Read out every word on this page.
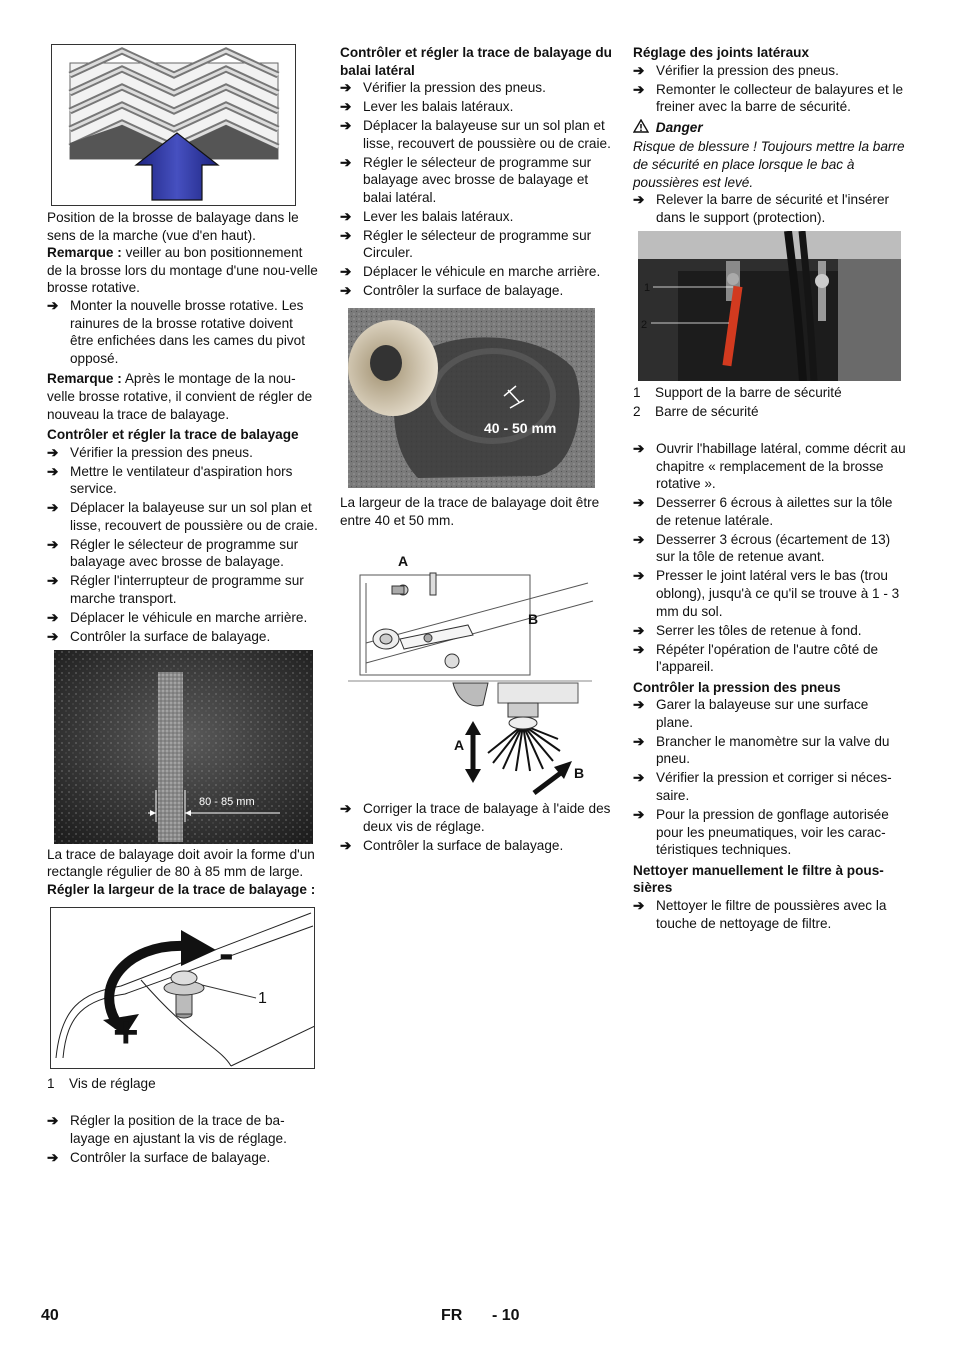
Position de la brosse de balayage dans le sens de la marche (vue d'en haut).

Remarque : veiller au bon positionnement de la brosse lors du montage d'une nou-velle brosse rotative.

➔ Monter la nouvelle brosse rotative. Les rainures de la brosse rotative doivent être enfichées dans les cames du pivot opposé.

Remarque : Après le montage de la nou-velle brosse rotative, il convient de régler de nouveau la trace de balayage.

Contrôler et régler la trace de balayage

➔ Vérifier la pression des pneus.
➔ Mettre le ventilateur d'aspiration hors service.
➔ Déplacer la balayeuse sur un sol plan et lisse, recouvert de poussière ou de craie.
➔ Régler le sélecteur de programme sur balayage avec brosse de balayage.
➔ Régler l'interrupteur de programme sur marche transport.
➔ Déplacer le véhicule en marche arrière.
➔ Contrôler la surface de balayage.
80 - 85 mm

La trace de balayage doit avoir la forme d'un rectangle régulier de 80 à 85 mm de large.

Régler la largeur de la trace de balayage :

-
+
1
1 Vis de réglage
➔ Régler la position de la trace de ba-layage en ajustant la vis de réglage.
➔ Contrôler la surface de balayage.

Contrôler et régler la trace de balayage du balai latéral

➔ Vérifier la pression des pneus.
➔ Lever les balais latéraux.
➔ Déplacer la balayeuse sur un sol plan et lisse, recouvert de poussière ou de craie.
➔ Régler le sélecteur de programme sur balayage avec brosse de balayage et balai latéral.
➔ Lever les balais latéraux.
➔ Régler le sélecteur de programme sur Circuler.
➔ Déplacer le véhicule en marche arrière.
➔ Contrôler la surface de balayage.
40 - 50 mm

La largeur de la trace de balayage doit être entre 40 et 50 mm.

A
B
A
B
➔ Corriger la trace de balayage à l'aide des deux vis de réglage.
➔ Contrôler la surface de balayage.

Réglage des joints latéraux

➔ Vérifier la pression des pneus.
➔ Remonter le collecteur de balayures et le freiner avec la barre de sécurité.

Danger

Risque de blessure ! Toujours mettre la barre de sécurité en place lorsque le bac à poussières est levé.

➔ Relever la barre de sécurité et l'insérer dans le support (protection).
1
2
1 Support de la barre de sécurité
2 Barre de sécurité
➔ Ouvrir l'habillage latéral, comme décrit au chapitre « remplacement de la brosse rotative ».
➔ Desserrer 6 écrous à ailettes sur la tôle de retenue latérale.
➔ Desserrer 3 écrous (écartement de 13) sur la tôle de retenue avant.
➔ Presser le joint latéral vers le bas (trou oblong), jusqu'à ce qu'il se trouve à 1 - 3 mm du sol.
➔ Serrer les tôles de retenue à fond.
➔ Répéter l'opération de l'autre côté de l'appareil.

Contrôler la pression des pneus

➔ Garer la balayeuse sur une surface plane.
➔ Brancher le manomètre sur la valve du pneu.
➔ Vérifier la pression et corriger si néces-saire.
➔ Pour la pression de gonflage autorisée pour les pneumatiques, voir les carac-téristiques techniques.

Nettoyer manuellement le filtre à pous-sières

➔ Nettoyer le filtre de poussières avec la touche de nettoyage de filtre.
40	FR - 10
